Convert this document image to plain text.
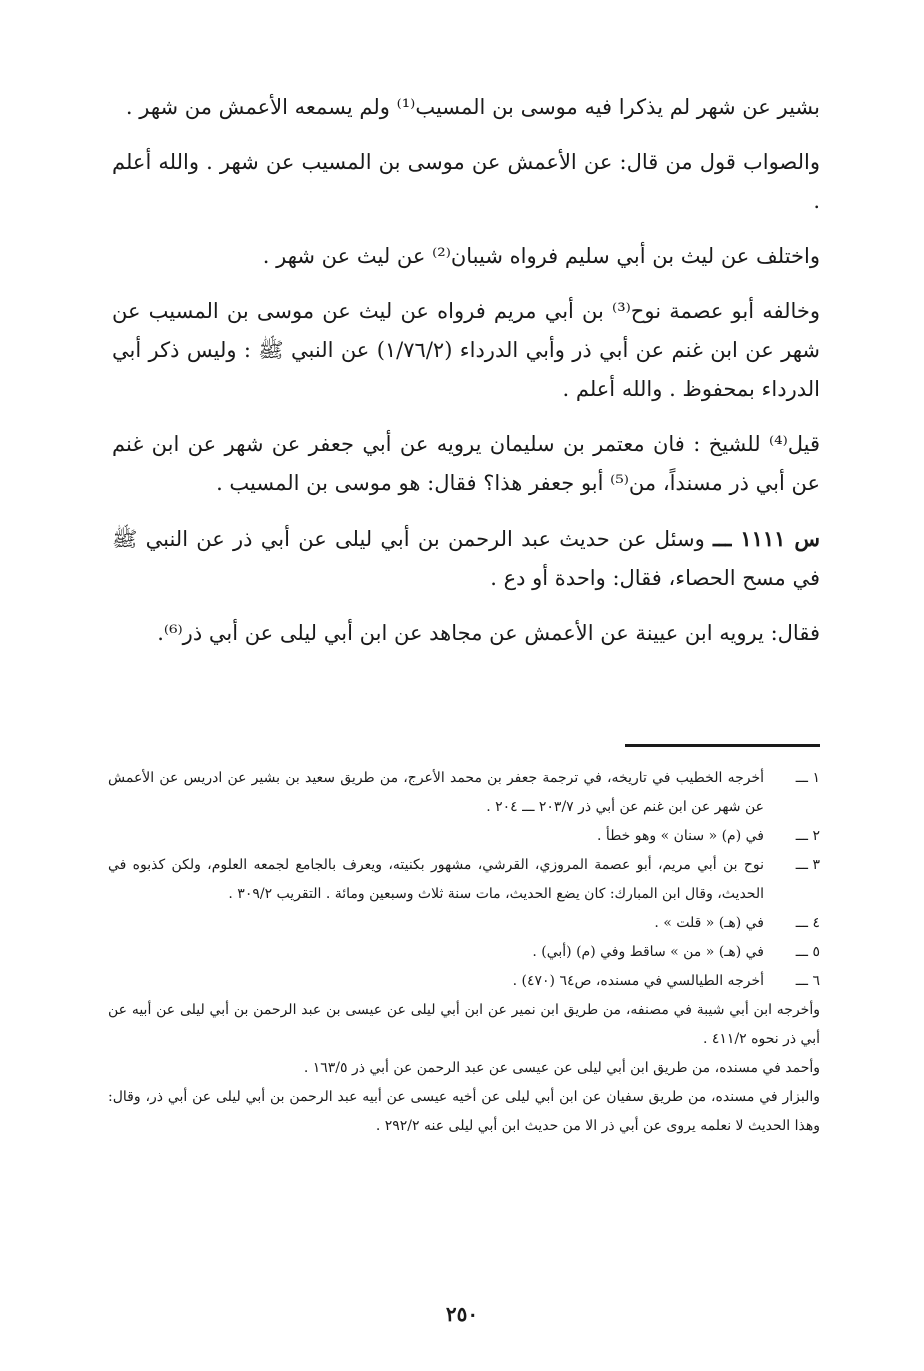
بشير عن شهر لم يذكرا فيه موسى بن المسيب⁽¹⁾ ولم يسمعه الأعمش من شهر .

والصواب قول من قال: عن الأعمش عن موسى بن المسيب عن شهر . والله أعلم .

واختلف عن ليث بن أبي سليم فرواه شيبان⁽²⁾ عن ليث عن شهر .

وخالفه أبو عصمة نوح⁽³⁾ بن أبي مريم فرواه عن ليث عن موسى بن المسيب عن شهر عن ابن غنم عن أبي ذر وأبي الدرداء (١/٧٦/٢) عن النبي ﷺ : وليس ذكر أبي الدرداء بمحفوظ . والله أعلم .

قيل⁽⁴⁾ للشيخ : فان معتمر بن سليمان يرويه عن أبي جعفر عن شهر عن ابن غنم عن أبي ذر مسنداً، من⁽⁵⁾ أبو جعفر هذا؟ فقال: هو موسى بن المسيب .

س ١١١١ ـــ وسئل عن حديث عبد الرحمن بن أبي ليلى عن أبي ذر عن النبي ﷺ في مسح الحصاء، فقال: واحدة أو دع .

فقال: يرويه ابن عيينة عن الأعمش عن مجاهد عن ابن أبي ليلى عن أبي ذر⁽⁶⁾.

١ ـــ
أخرجه الخطيب في تاريخه، في ترجمة جعفر بن محمد الأعرج، من طريق سعيد بن بشير عن ادريس عن الأعمش عن شهر عن ابن غنم عن أبي ذر ٢٠٣/٧ ـــ ٢٠٤ .
٢ ـــ
في (م) « سنان » وهو خطأ .
٣ ـــ
نوح بن أبي مريم، أبو عصمة المروزي، القرشي، مشهور بكنيته، ويعرف بالجامع لجمعه العلوم، ولكن كذبوه في الحديث، وقال ابن المبارك: كان يضع الحديث، مات سنة ثلاث وسبعين ومائة . التقريب ٣٠٩/٢ .
٤ ـــ
في (هـ) « قلت » .
٥ ـــ
في (هـ) « من » ساقط وفي (م) (أبي) .
٦ ـــ
أخرجه الطيالسي في مسنده، ص٦٤ (٤٧٠) .

وأخرجه ابن أبي شيبة في مصنفه، من طريق ابن نمير عن ابن أبي ليلى عن عيسى بن عبد الرحمن بن أبي ليلى عن أبيه عن أبي ذر نحوه ٤١١/٢ .

وأحمد في مسنده، من طريق ابن أبي ليلى عن عيسى عن عبد الرحمن عن أبي ذر ١٦٣/٥ .

والبزار في مسنده، من طريق سفيان عن ابن أبي ليلى عن أخيه عيسى عن أبيه عبد الرحمن بن أبي ليلى عن أبي ذر، وقال: وهذا الحديث لا نعلمه يروى عن أبي ذر الا من حديث ابن أبي ليلى عنه ٢٩٢/٢ .

٢٥٠
